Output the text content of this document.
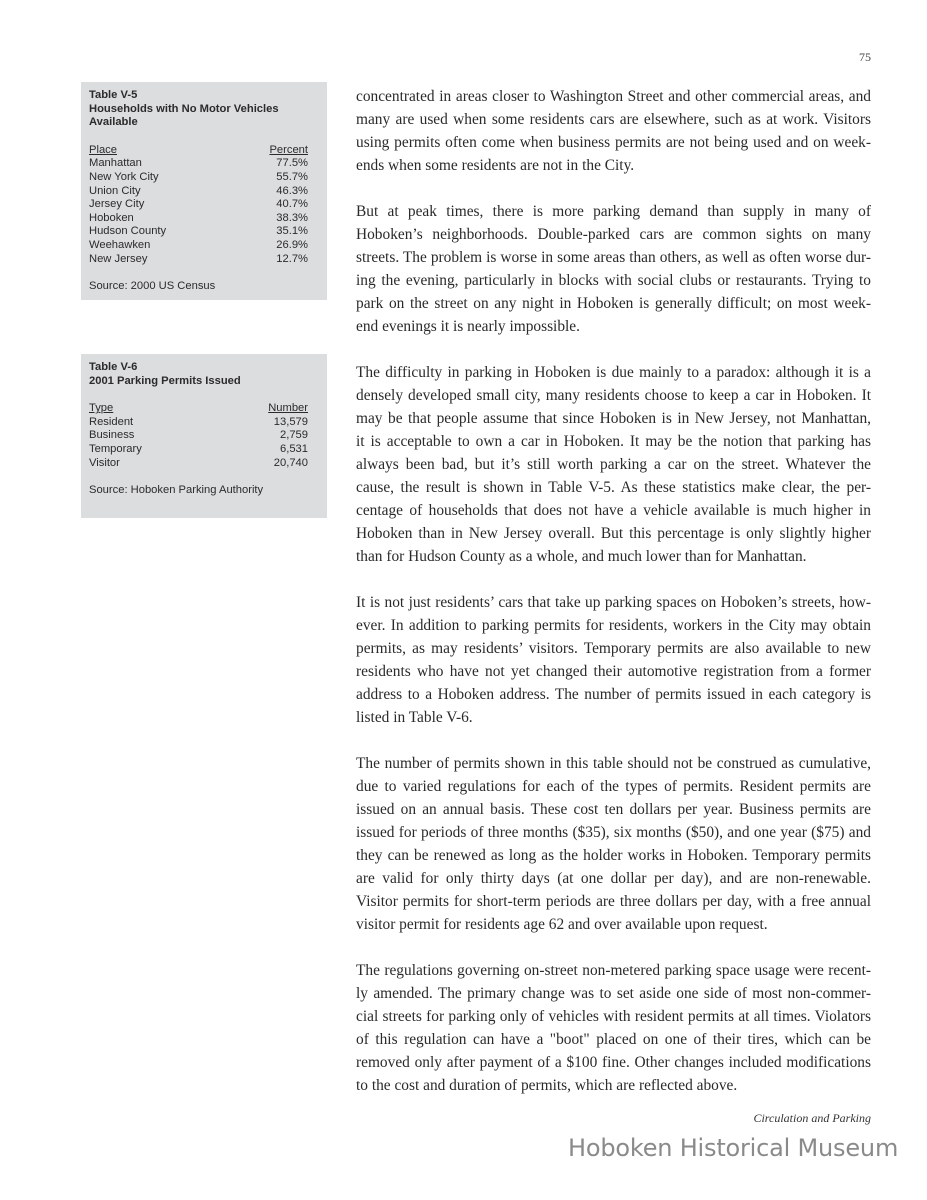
75
Table V-5
Households with No Motor Vehicles Available
Place	Percent
Manhattan	77.5%
New York City	55.7%
Union City	46.3%
Jersey City	40.7%
Hoboken	38.3%
Hudson County	35.1%
Weehawken	26.9%
New Jersey	12.7%
Source: 2000 US Census
Table V-6
2001 Parking Permits Issued
Type	Number
Resident	13,579
Business	2,759
Temporary	6,531
Visitor	20,740
Source: Hoboken Parking Authority
concentrated in areas closer to Washington Street and other commercial areas, and
many are used when some residents cars are elsewhere, such as at work. Visitors
using permits often come when business permits are not being used and on week-
ends when some residents are not in the City.
But at peak times, there is more parking demand than supply in many of
Hoboken’s neighborhoods. Double-parked cars are common sights on many
streets. The problem is worse in some areas than others, as well as often worse dur-
ing the evening, particularly in blocks with social clubs or restaurants. Trying to
park on the street on any night in Hoboken is generally difficult; on most week-
end evenings it is nearly impossible.
The difficulty in parking in Hoboken is due mainly to a paradox: although it is a
densely developed small city, many residents choose to keep a car in Hoboken. It
may be that people assume that since Hoboken is in New Jersey, not Manhattan,
it is acceptable to own a car in Hoboken. It may be the notion that parking has
always been bad, but it’s still worth parking a car on the street. Whatever the
cause, the result is shown in Table V-5. As these statistics make clear, the per-
centage of households that does not have a vehicle available is much higher in
Hoboken than in New Jersey overall. But this percentage is only slightly higher
than for Hudson County as a whole, and much lower than for Manhattan.
It is not just residents’ cars that take up parking spaces on Hoboken’s streets, how-
ever. In addition to parking permits for residents, workers in the City may obtain
permits, as may residents’ visitors. Temporary permits are also available to new
residents who have not yet changed their automotive registration from a former
address to a Hoboken address. The number of permits issued in each category is
listed in Table V-6.
The number of permits shown in this table should not be construed as cumulative,
due to varied regulations for each of the types of permits. Resident permits are
issued on an annual basis. These cost ten dollars per year. Business permits are
issued for periods of three months ($35), six months ($50), and one year ($75) and
they can be renewed as long as the holder works in Hoboken. Temporary permits
are valid for only thirty days (at one dollar per day), and are non-renewable.
Visitor permits for short-term periods are three dollars per day, with a free annual
visitor permit for residents age 62 and over available upon request.
The regulations governing on-street non-metered parking space usage were recent-
ly amended. The primary change was to set aside one side of most non-commer-
cial streets for parking only of vehicles with resident permits at all times. Violators
of this regulation can have a "boot" placed on one of their tires, which can be
removed only after payment of a $100 fine. Other changes included modifications
to the cost and duration of permits, which are reflected above.
Circulation and Parking
Hoboken Historical Museum
